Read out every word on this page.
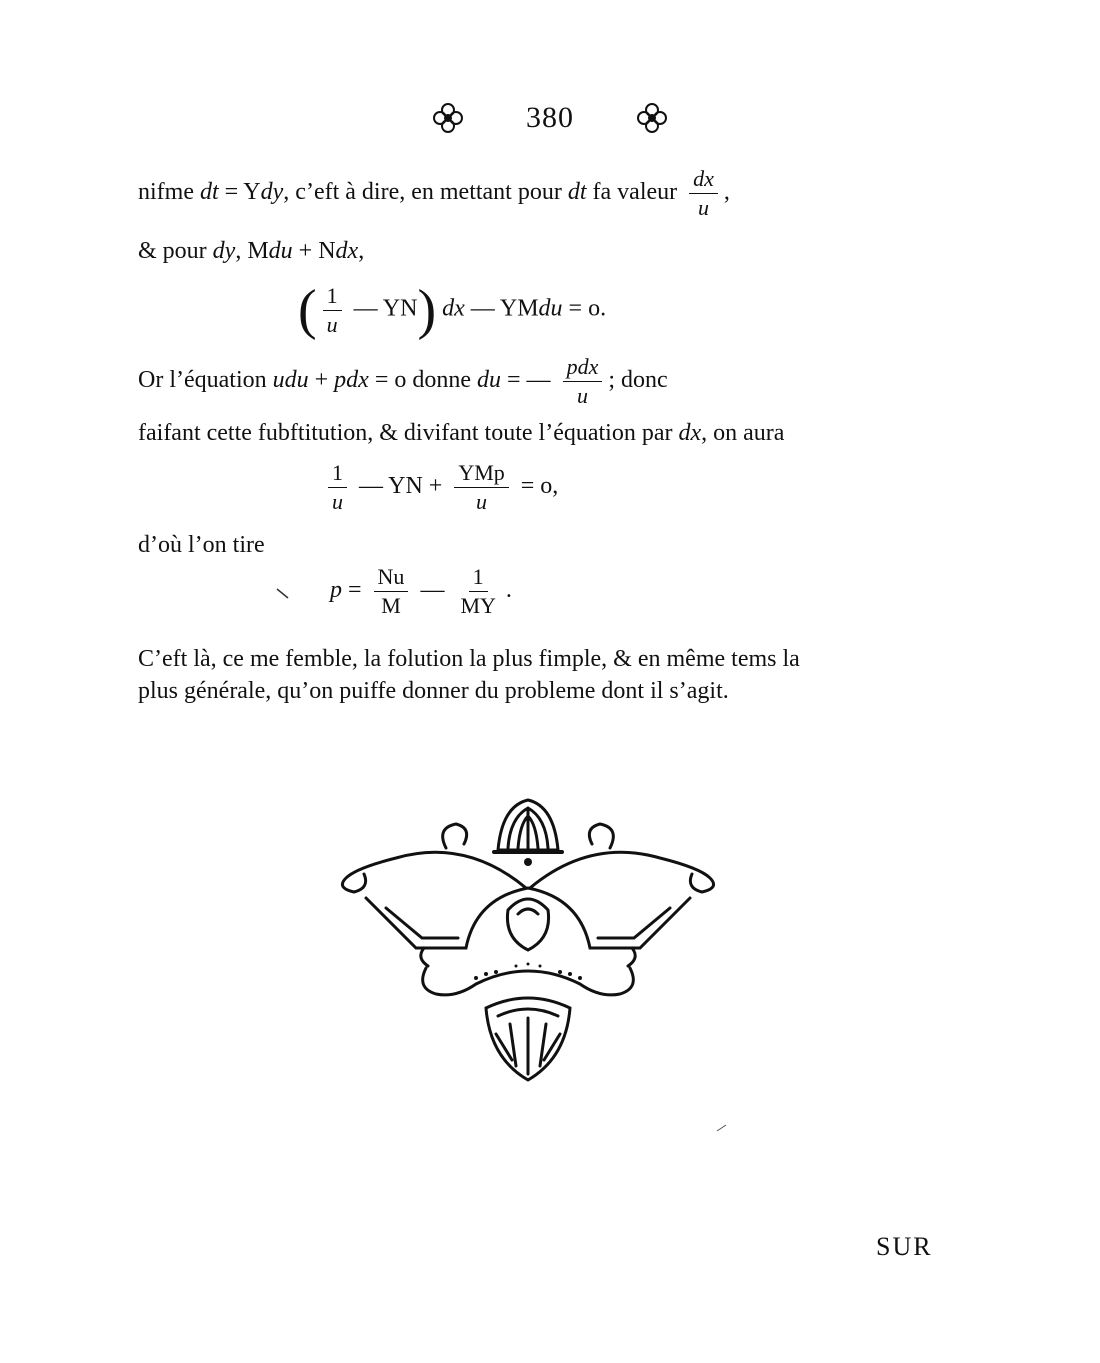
380
nifme dt = Ydy, c’eft à dire, en mettant pour dt fa valeur $\frac{dx}{u}$ ,
& pour dy, Mdu + Ndx,
( $\frac{1}{u}$ — YN) dx — YMdu = o.
Or l’équation udu + pdx = o donne du = — $\frac{\text{pdx}}{u}$ ; donc
faifant cette fubftitution, & divifant toute l’équation par dx, on aura
$\frac{1}{u}$ — YN + $\frac{\text{YMp}}{u} = o$,
d’où l’on tire
$p = \frac{Nu}{M}$ — $\frac{1}{MY}$ .
C’eft là, ce me femble, la folution la plus fimple, & en même tems la
plus générale, qu’on puiffe donner du probleme dont il s’agit.
SUR
